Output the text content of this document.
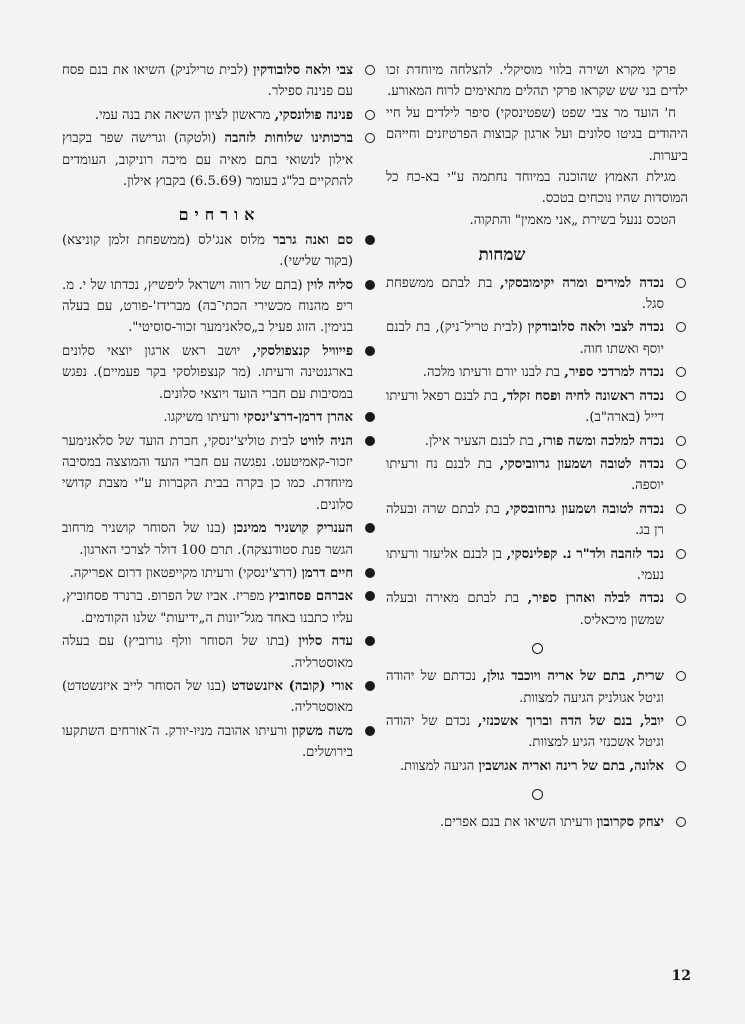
פרקי מקרא ושירה בלווי מוסיקלי. להצלחה מיוחדת זכו ילדים בני שש שקראו פרקי תהלים מתאימים לרוח המאורע.

ח' הועד מר צבי שפט (שפטינסקי) סיפר לילדים על חיי היהודים בגיטו סלונים ועל ארגון קבוצות הפרטיזנים וחייהם ביערות.

מגילת האמוץ שהוכנה במיוחד נחתמה ע"י בא-כח כל המוסדות שהיו נוכחים בטכס.

הטכס ננעל בשירת „אני מאמין" והתקוה.

שמחות
נכדה למירים ומרה יקימובסקי, בת לבתם ממשפחת סגל.
נכדה לצבי ולאה סלובודקין (לבית טריל־ניק), בת לבנם יוסף ואשתו חוה.
נכדה למרדכי ספיר, בת לבנו יורם ורעיתו מלכה.
נכדה ראשונה לחיה ופסח זקלד, בת לבנם רפאל ורעיתו דייל (בארה"ב).
נכדה למלכה ומשה פורז, בת לבנם הצעיר אילן.
נכדה לטובה ושמעון גרווביסקי, בת לבנם נח ורעיתו יוספה.
נכדה לטובה ושמעון גרוזובסקי, בת לבתם שרה ובעלה רן בג.
נכד לזהבה ולד"ר נ. קפלינסקי, בן לבנם אליעזר ורעיתו נעמי.
נכדה לבלה ואהרן ספיר, בת לבתם מאירה ובעלה שמשון מיכאליס.
שרית, בתם של אריה ויוכבד גולן, נכדתם של יהודה וגיטל אגולניק הגיעה למצוות.
יובל, בנם של הדה וברוך אשכנזי, נכדם של יהודה וגיטל אשכנזי הגיע למצוות.
אלונה, בתם של רינה ואריה אגושבין הגיעה למצוות.
יצחק סקרובון ורעיתו השיאו את בנם אפרים.
צבי ולאה סלובודקין (לבית טרילניק) השיאו את בנם פסח עם פנינה ספילר.
פנינה פולונסקי, מראשון לציון השיאה את בנה עמי.
ברכותינו שלוחות לזהבה (ולטקה) וגרישה שפר בקבוץ אילון לנשואי בתם מאיה עם מיכה רוניקוב, העומדים להתקיים בל"ג בעומר (6.5.69) בקבוץ אילון.
אורחים
סם ואנה גרבר מלוס אנג'לס (ממשפחת זלמן קוניצא) (בקור שלישי).
סליה לוין (בתם של רווה וישראל ליפשיץ, נכדתו של י. מ. ריפ מהנוח מכשירי הכתי־בה) מברידז'-פורט, עם בעלה בנימין. הזוג פעיל ב„סלאנימער זכור-סוסיטי".
פייוויל קנצפולסקי, יושב ראש ארגון יוצאי סלונים בארגנטינה ורעיתו. (מר קנצפולסקי בקר פעמיים). נפגש במסיבות עם חברי הועד ויוצאי סלונים.
אהרן דרמן-דרצ'ינסקי ורעיתו משיקגו.
הניה לוויט לבית טוליצ'ינסקי, חברת הועד של סלאנימער יזכור-קאמיטעט. נפגשה עם חברי הועד והמוצצה במסיבה מיוחדת. כמו כן בקרה בבית הקברות ע"י מצבת קדושי סלונים.
הענריק קושניר ממינכן (בנו של הסוחר קושניר מרחוב הגשר פנת סטודנצקה). תרם 100 דולר לצרכי הארגון.
חיים דרמן (דרצ'ינסקי) ורעיתו מקייפטאון דרום אפריקה.
אברהם פסחוביץ מפריז. אביו של הפרופ. ברנרד פסחוביץ, עליו כתבנו באחד מגל־יונות ה„ידיעות" שלנו הקודמים.
עדה סלוין (בתו של הסוחר וולף גורוביץ) עם בעלה מאוסטרליה.
אורי (קובה) איזנשטדט (בנו של הסוחר לייב איזנשטדט) מאוסטרליה.
משה משקון ורעיתו אהובה מניו-יורק. ה־אורחים השתקעו בירושלים.
12
